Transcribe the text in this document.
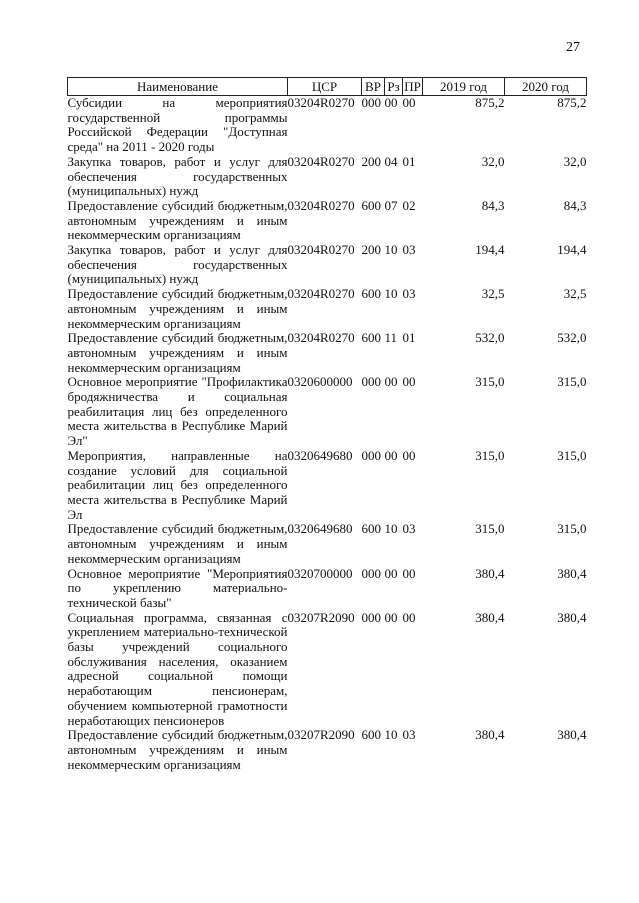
27
Наименование	ЦСР	ВР	Рз	ПР	2019 год	2020 год
Субсидии на мероприятия государственной программы Российской Федерации "Доступная среда" на 2011 - 2020 годы	03204R0270	000	00	00	875,2	875,2
Закупка товаров, работ и услуг для обеспечения государственных (муниципальных) нужд	03204R0270	200	04	01	32,0	32,0
Предоставление субсидий бюджетным, автономным учреждениям и иным некоммерческим организациям	03204R0270	600	07	02	84,3	84,3
Закупка товаров, работ и услуг для обеспечения государственных (муниципальных) нужд	03204R0270	200	10	03	194,4	194,4
Предоставление субсидий бюджетным, автономным учреждениям и иным некоммерческим организациям	03204R0270	600	10	03	32,5	32,5
Предоставление субсидий бюджетным, автономным учреждениям и иным некоммерческим организациям	03204R0270	600	11	01	532,0	532,0
Основное мероприятие "Профилактика бродяжничества и социальная реабилитация лиц без определенного места жительства в Республике Марий Эл"	0320600000	000	00	00	315,0	315,0
Мероприятия, направленные на создание условий для социальной реабилитации лиц без определенного места жительства в Республике Марий Эл	0320649680	000	00	00	315,0	315,0
Предоставление субсидий бюджетным, автономным учреждениям и иным некоммерческим организациям	0320649680	600	10	03	315,0	315,0
Основное мероприятие "Мероприятия по укреплению материально-технической базы"	0320700000	000	00	00	380,4	380,4
Социальная программа, связанная с укреплением материально-технической базы учреждений социального обслуживания населения, оказанием адресной социальной помощи неработающим пенсионерам, обучением компьютерной грамотности неработающих пенсионеров	03207R2090	000	00	00	380,4	380,4
Предоставление субсидий бюджетным, автономным учреждениям и иным некоммерческим организациям	03207R2090	600	10	03	380,4	380,4
